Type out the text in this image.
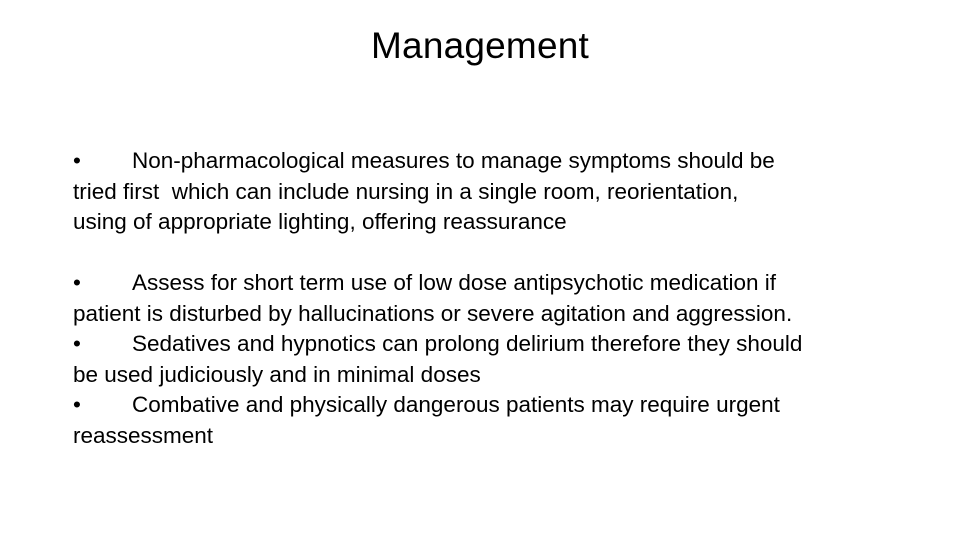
Management
• Non-pharmacological measures to manage symptoms should be
tried first  which can include nursing in a single room, reorientation,
using of appropriate lighting, offering reassurance
• Assess for short term use of low dose antipsychotic medication if
patient is disturbed by hallucinations or severe agitation and aggression.
• Sedatives and hypnotics can prolong delirium therefore they should
be used judiciously and in minimal doses
• Combative and physically dangerous patients may require urgent
reassessment
